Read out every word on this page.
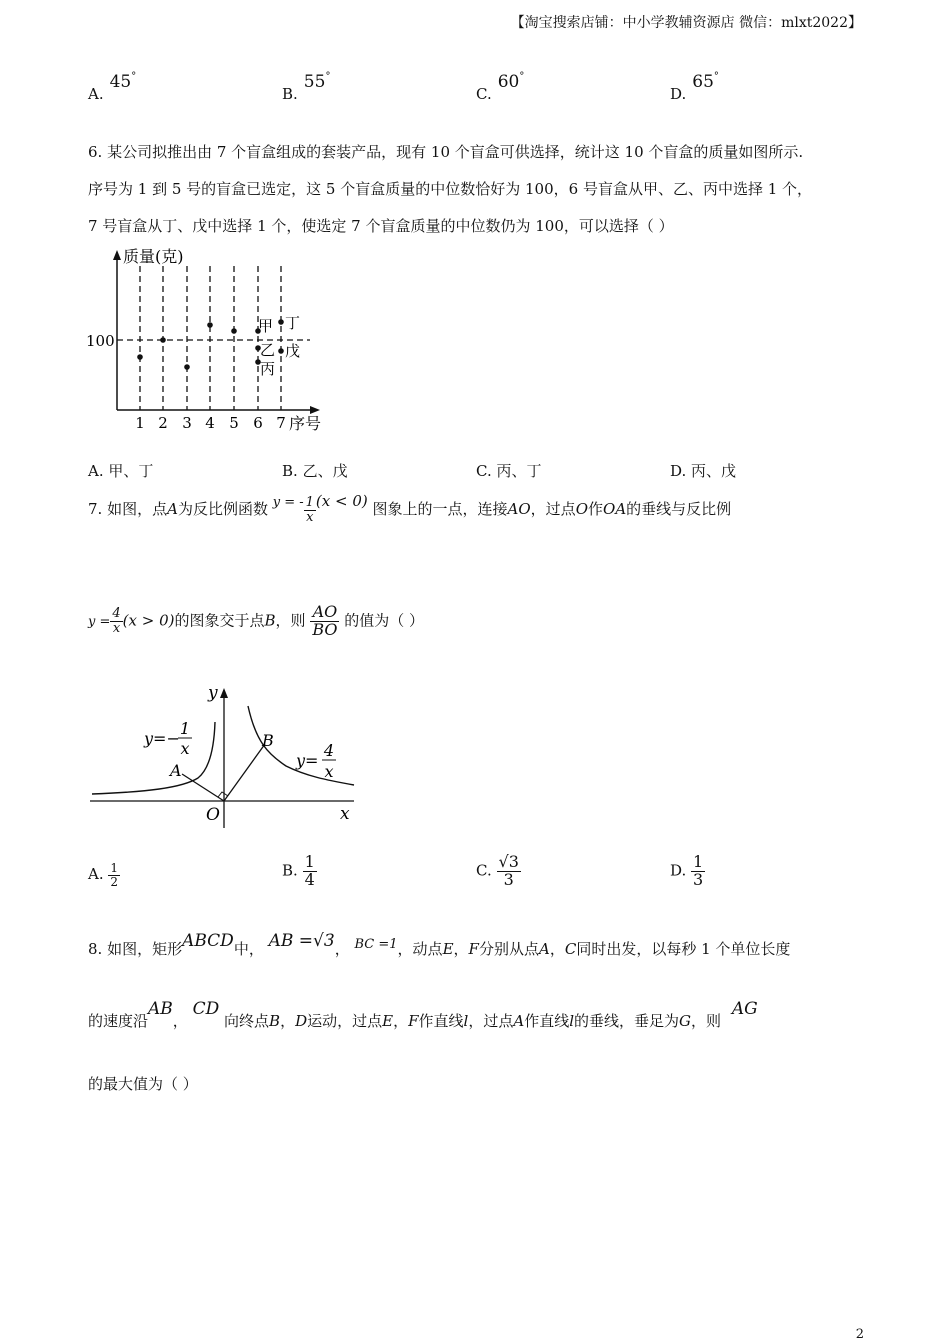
【淘宝搜索店铺：中小学教辅资源店 微信：mlxt2022】
A.45°
B.55°
C.60°
D.65°
6. 某公司拟推出由 7 个盲盒组成的套装产品，现有 10 个盲盒可供选择，统计这 10 个盲盒的质量如图所示.
序号为 1 到 5 号的盲盒已选定，这 5 个盲盒质量的中位数恰好为 100，6 号盲盒从甲、乙、丙中选择 1 个，
7 号盲盒从丁、戊中选择 1 个，使选定 7 个盲盒质量的中位数仍为 100，可以选择（ ）
质量(克)
100
序号
1 2 3 4 5 6 7
甲
乙
丙
丁
戊
A. 甲、丁	B. 乙、戊	C. 丙、丁	D. 丙、戊
7. 如图，点A为反比例函数 y = - $\frac{1}{x} (x < 0)$ 图象上的一点，连接AO，过点O作OA的垂线与反比例
$y = \frac{4}{x} (x > 0)$的图象交于点B，则 $\frac{AO}{BO}$ 的值为（ ）
y
x
O
A
B
y=−
1
x
y=
4
x
A. $\frac{1}{2}$	B. $\frac{1}{4}$	C. $\frac{√3}{3}$	D. $\frac{1}{3}$
8. 如图，矩形ABCD中， AB =√3， BC =1，动点E，F分别从点A，C同时出发，以每秒 1 个单位长度
的速度沿AB， CD 向终点B，D运动，过点E，F作直线l，过点A作直线l的垂线，垂足为G，则 AG
的最大值为（ ）
2
